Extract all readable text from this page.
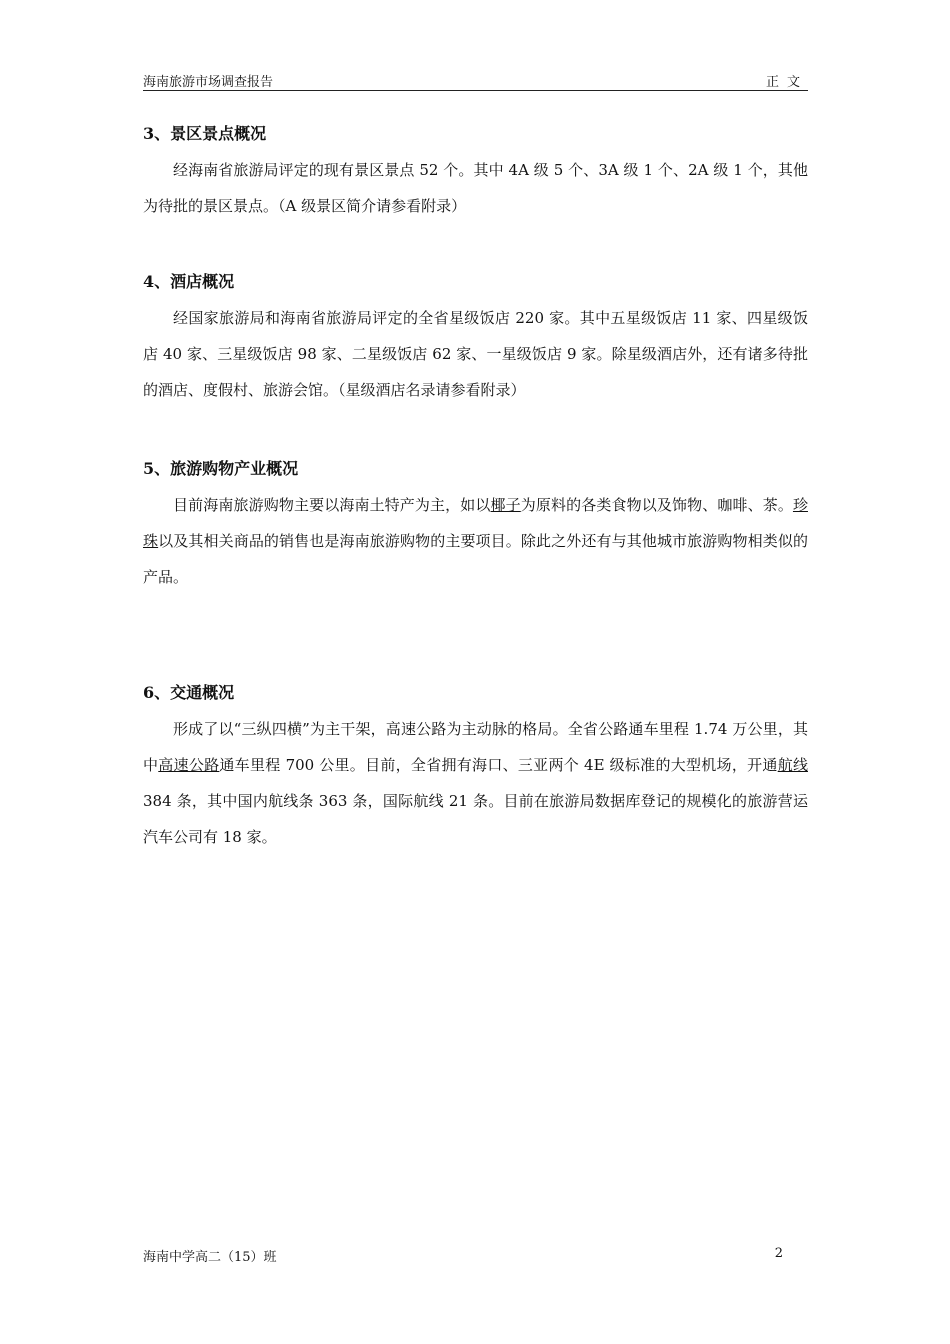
海南旅游市场调查报告	正文
3、景区景点概况

经海南省旅游局评定的现有景区景点 52 个。其中 4A 级 5 个、3A 级 1 个、2A 级 1 个，其他为待批的景区景点。（A 级景区简介请参看附录）

4、酒店概况

经国家旅游局和海南省旅游局评定的全省星级饭店 220 家。其中五星级饭店 11 家、四星级饭店 40 家、三星级饭店 98 家、二星级饭店 62 家、一星级饭店 9 家。除星级酒店外，还有诸多待批的酒店、度假村、旅游会馆。（星级酒店名录请参看附录）

5、旅游购物产业概况

目前海南旅游购物主要以海南土特产为主，如以椰子为原料的各类食物以及饰物、咖啡、茶。珍珠以及其相关商品的销售也是海南旅游购物的主要项目。除此之外还有与其他城市旅游购物相类似的产品。

6、交通概况

形成了以“三纵四横”为主干架，高速公路为主动脉的格局。全省公路通车里程 1.74 万公里，其中高速公路通车里程 700 公里。目前，全省拥有海口、三亚两个 4E 级标准的大型机场，开通航线 384 条，其中国内航线条 363 条，国际航线 21 条。目前在旅游局数据库登记的规模化的旅游营运汽车公司有 18 家。

海南中学高二（15）班	2
